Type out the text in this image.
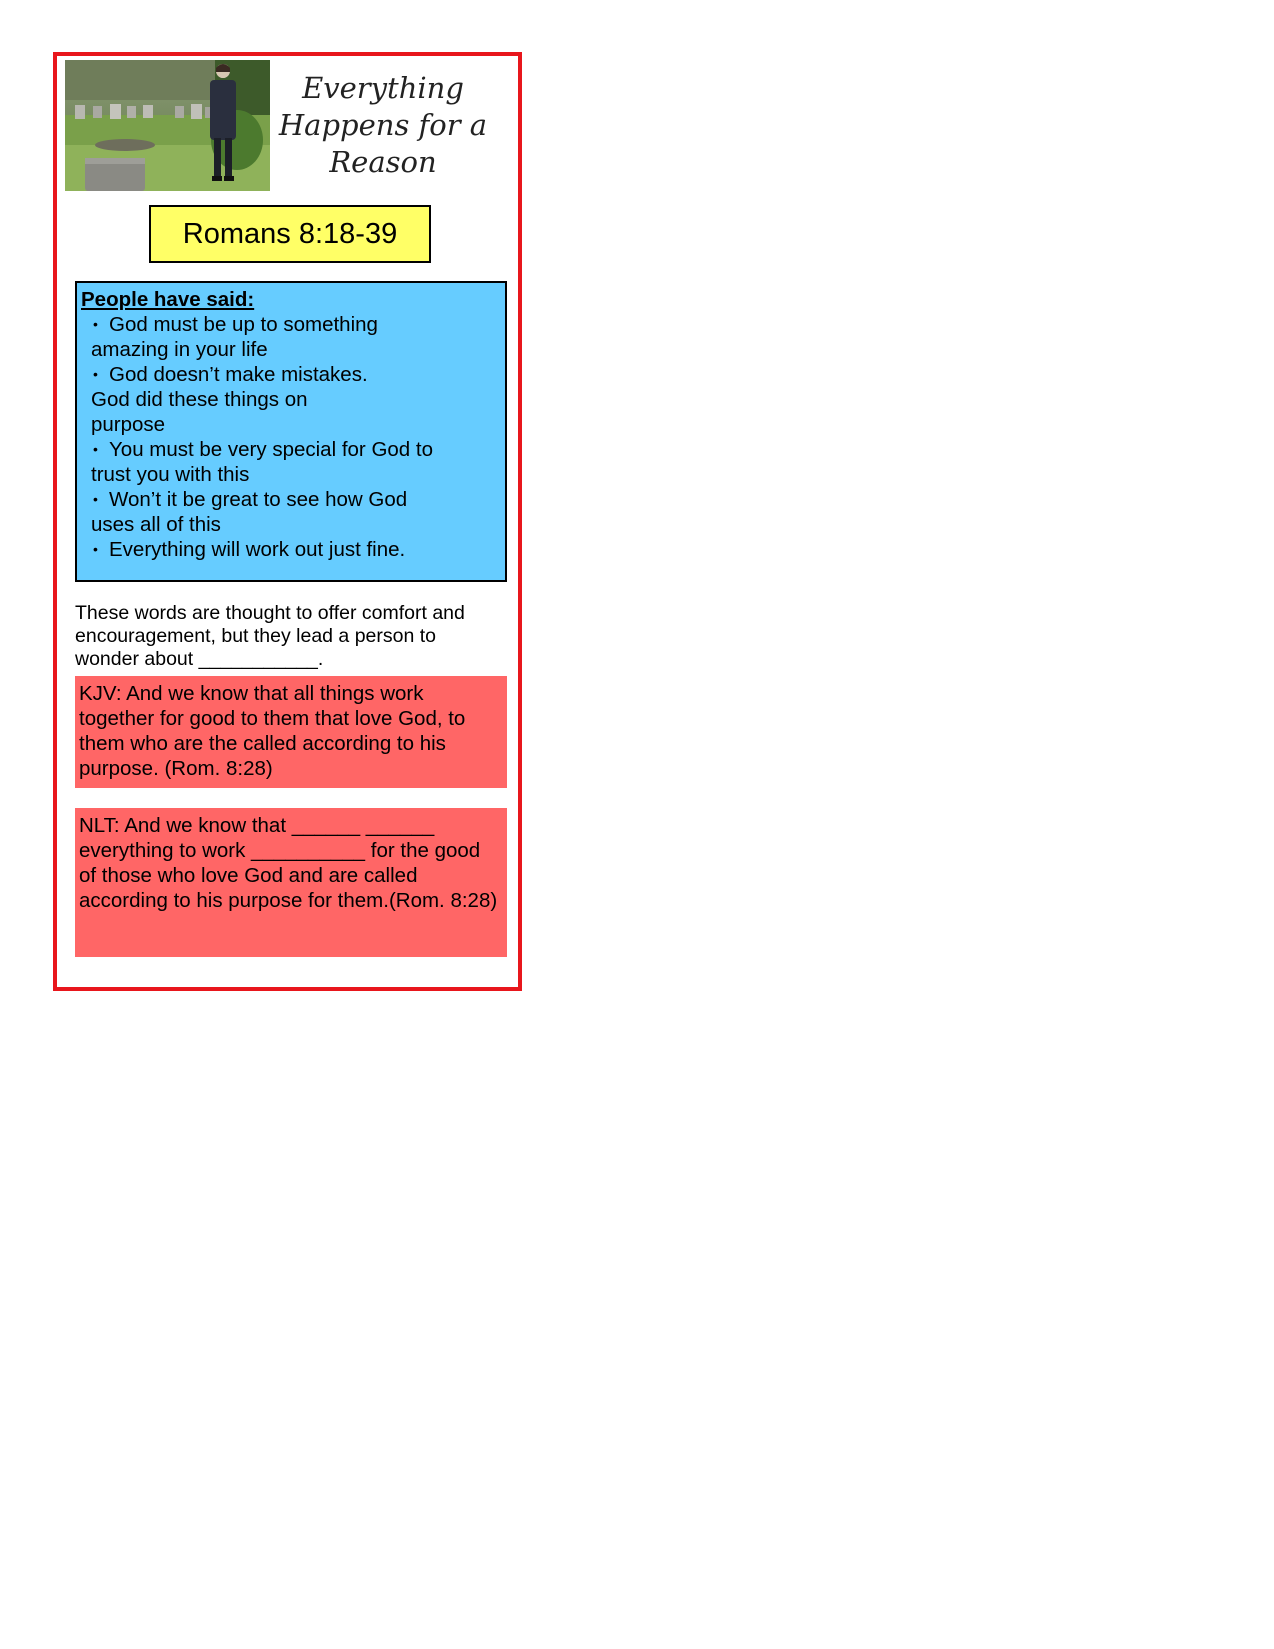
Everything
Happens for a
Reason
Romans 8:18-39
People have said:
• God must be up to something
amazing in your life
• God doesn’t make mistakes.
God did these things on
purpose
• You must be very special for God to
trust you with this
• Won’t it be great to see how God
uses all of this
• Everything will work out just fine.
These words are thought to offer comfort and
encouragement, but they lead a person to
wonder about ___________.
KJV: And we know that all things work
together for good to them that love God, to
them who are the called according to his
purpose. (Rom. 8:28)
NLT: And we know that ______ ______
everything to work __________ for the good
of those who love God and are called
according to his purpose for them.(Rom. 8:28)
